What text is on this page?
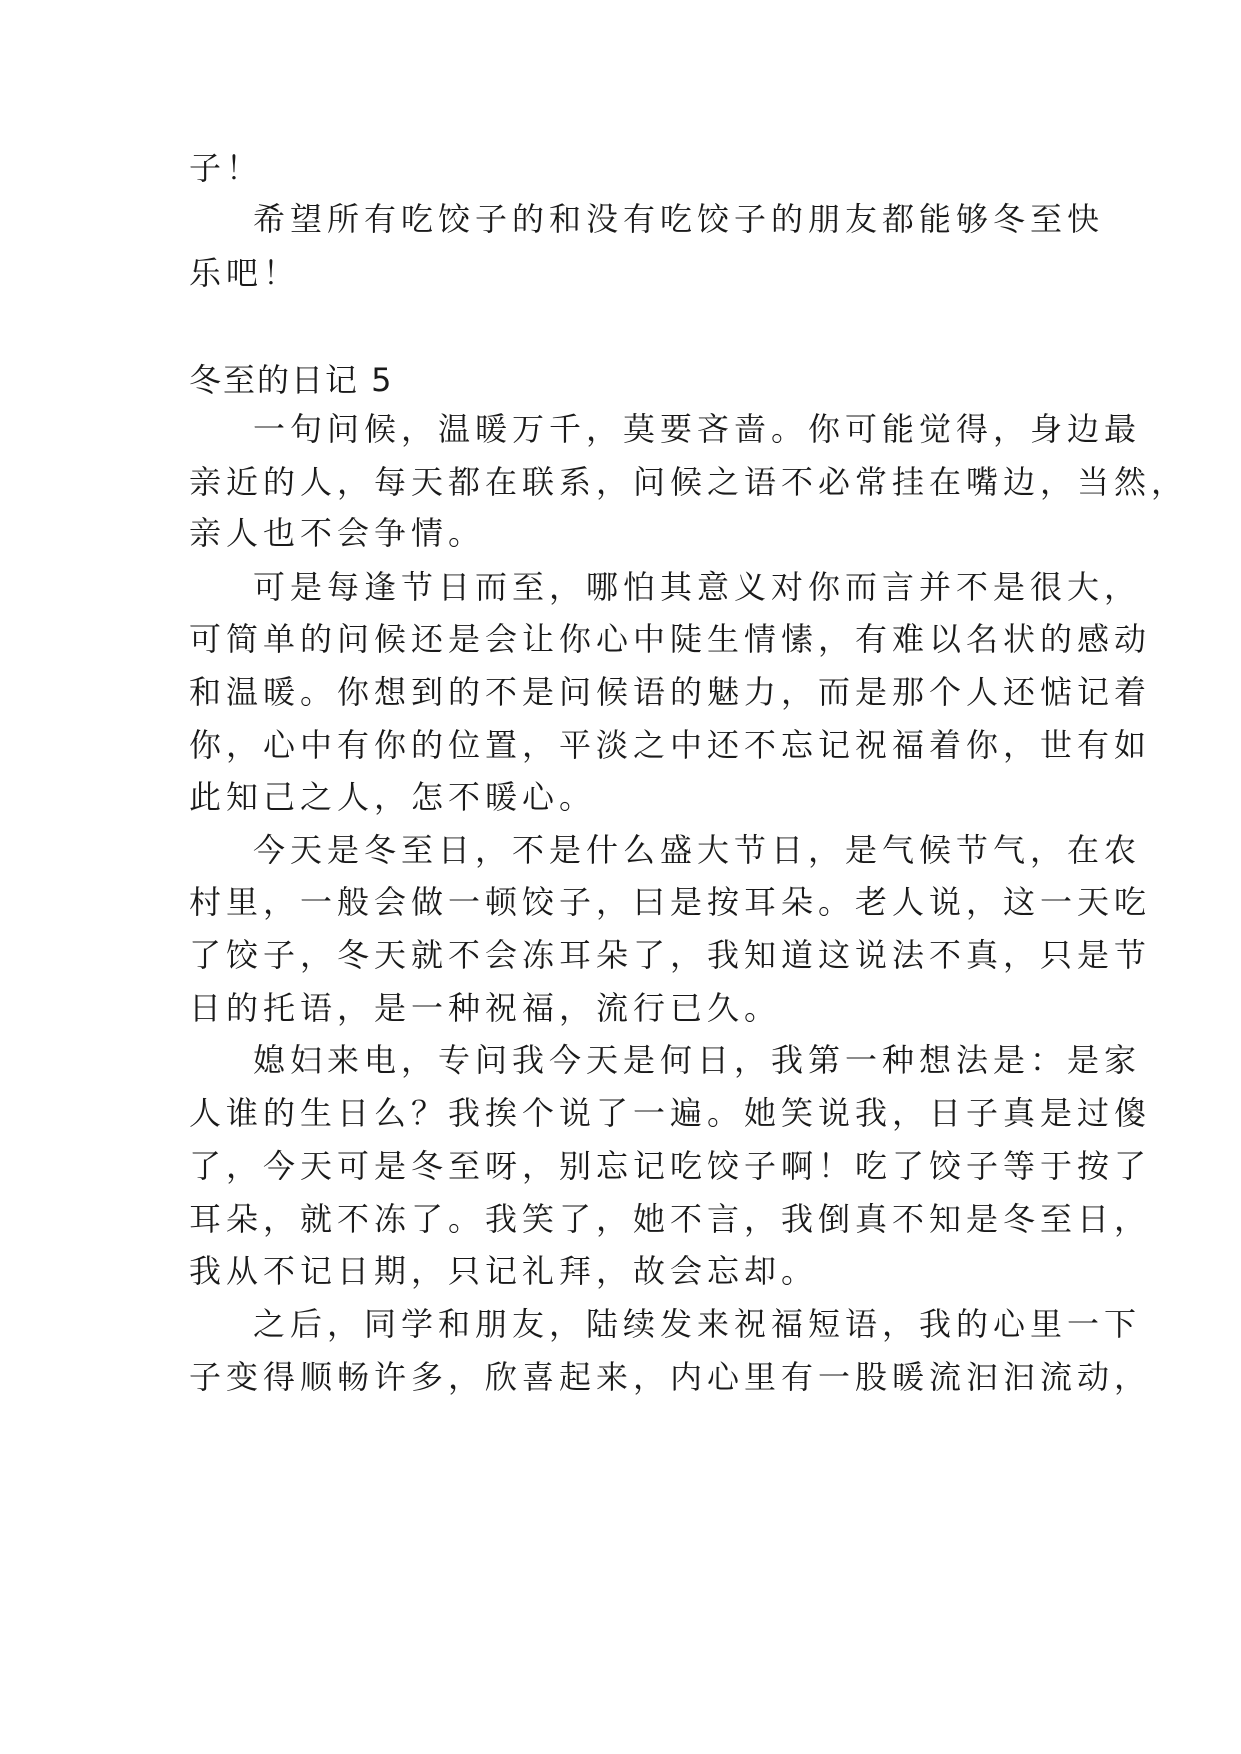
子！
希望所有吃饺子的和没有吃饺子的朋友都能够冬至快
乐吧！
冬至的日记 5
一句问候，温暖万千，莫要吝啬。你可能觉得，身边最
亲近的人，每天都在联系，问候之语不必常挂在嘴边，当然，
亲人也不会争情。
可是每逢节日而至，哪怕其意义对你而言并不是很大，
可简单的问候还是会让你心中陡生情愫，有难以名状的感动
和温暖。你想到的不是问候语的魅力，而是那个人还惦记着
你，心中有你的位置，平淡之中还不忘记祝福着你，世有如
此知己之人，怎不暖心。
今天是冬至日，不是什么盛大节日，是气候节气，在农
村里，一般会做一顿饺子，曰是按耳朵。老人说，这一天吃
了饺子，冬天就不会冻耳朵了，我知道这说法不真，只是节
日的托语，是一种祝福，流行已久。
媳妇来电，专问我今天是何日，我第一种想法是：是家
人谁的生日么？我挨个说了一遍。她笑说我，日子真是过傻
了，今天可是冬至呀，别忘记吃饺子啊！吃了饺子等于按了
耳朵，就不冻了。我笑了，她不言，我倒真不知是冬至日，
我从不记日期，只记礼拜，故会忘却。
之后，同学和朋友，陆续发来祝福短语，我的心里一下
子变得顺畅许多，欣喜起来，内心里有一股暖流汩汩流动，
